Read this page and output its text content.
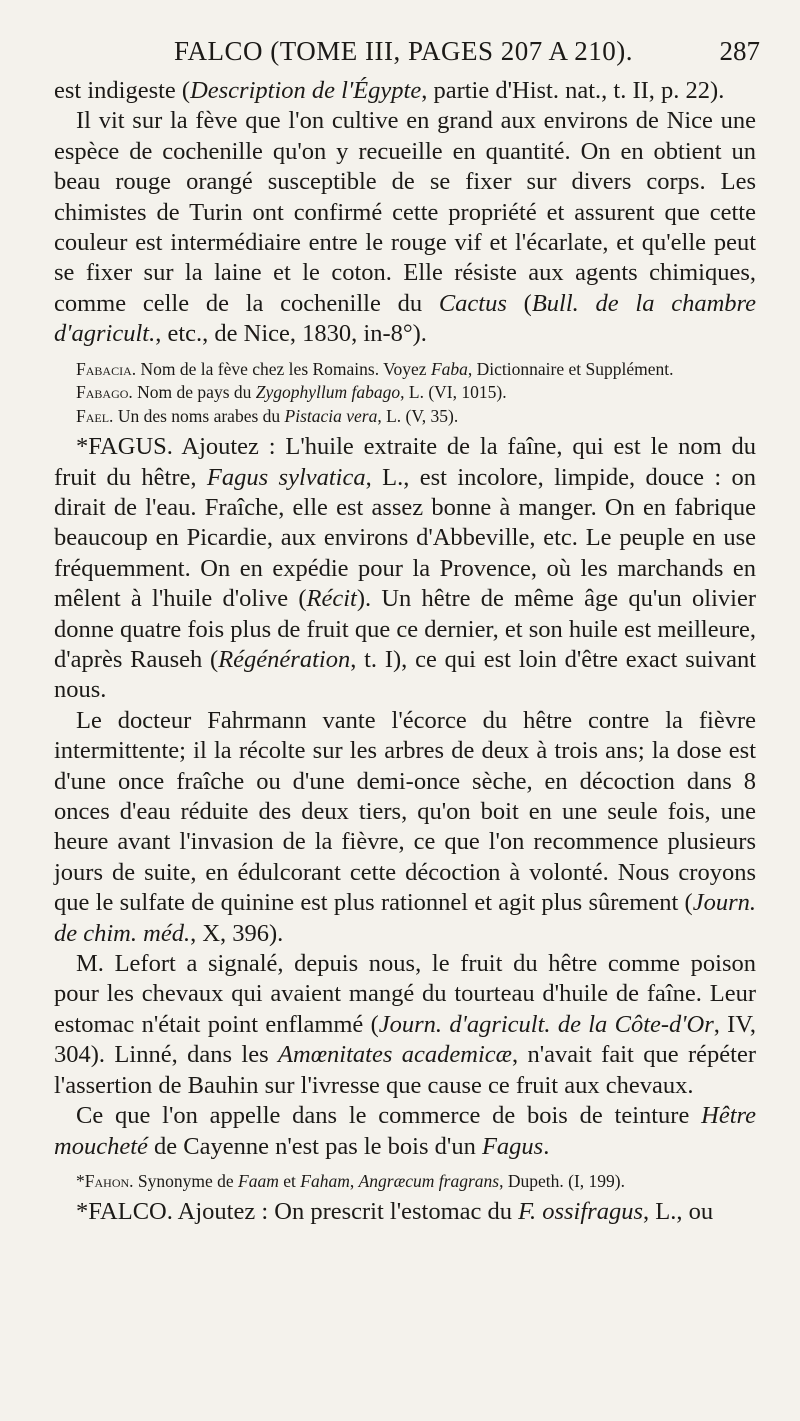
FALCO (TOME III, PAGES 207 A 210).	287

est indigeste (Description de l'Égypte, partie d'Hist. nat., t. II, p. 22).

Il vit sur la fève que l'on cultive en grand aux environs de Nice une espèce de cochenille qu'on y recueille en quantité. On en obtient un beau rouge orangé susceptible de se fixer sur divers corps. Les chimistes de Turin ont confirmé cette propriété et assurent que cette couleur est intermédiaire entre le rouge vif et l'écarlate, et qu'elle peut se fixer sur la laine et le coton. Elle résiste aux agents chimiques, comme celle de la cochenille du Cactus (Bull. de la chambre d'agricult., etc., de Nice, 1830, in-8°).

Fabacia. Nom de la fève chez les Romains. Voyez Faba, Dictionnaire et Supplément.

Fabago. Nom de pays du Zygophyllum fabago, L. (VI, 1015).

Fael. Un des noms arabes du Pistacia vera, L. (V, 35).

*FAGUS. Ajoutez : L'huile extraite de la faîne, qui est le nom du fruit du hêtre, Fagus sylvatica, L., est incolore, limpide, douce : on dirait de l'eau. Fraîche, elle est assez bonne à manger. On en fabrique beaucoup en Picardie, aux environs d'Abbeville, etc. Le peuple en use fréquemment. On en expédie pour la Provence, où les marchands en mêlent à l'huile d'olive (Récit). Un hêtre de même âge qu'un olivier donne quatre fois plus de fruit que ce dernier, et son huile est meilleure, d'après Rauseh (Régénération, t. I), ce qui est loin d'être exact suivant nous.

Le docteur Fahrmann vante l'écorce du hêtre contre la fièvre intermittente; il la récolte sur les arbres de deux à trois ans; la dose est d'une once fraîche ou d'une demi-once sèche, en décoction dans 8 onces d'eau réduite des deux tiers, qu'on boit en une seule fois, une heure avant l'invasion de la fièvre, ce que l'on recommence plusieurs jours de suite, en édulcorant cette décoction à volonté. Nous croyons que le sulfate de quinine est plus rationnel et agit plus sûrement (Journ. de chim. méd., X, 396).

M. Lefort a signalé, depuis nous, le fruit du hêtre comme poison pour les chevaux qui avaient mangé du tourteau d'huile de faîne. Leur estomac n'était point enflammé (Journ. d'agricult. de la Côte-d'Or, IV, 304). Linné, dans les Amœnitates academicæ, n'avait fait que répéter l'assertion de Bauhin sur l'ivresse que cause ce fruit aux chevaux.

Ce que l'on appelle dans le commerce de bois de teinture Hêtre moucheté de Cayenne n'est pas le bois d'un Fagus.

*Fahon. Synonyme de Faam et Faham, Angræcum fragrans, Dupeth. (I, 199).

*FALCO. Ajoutez : On prescrit l'estomac du F. ossifragus, L., ou
